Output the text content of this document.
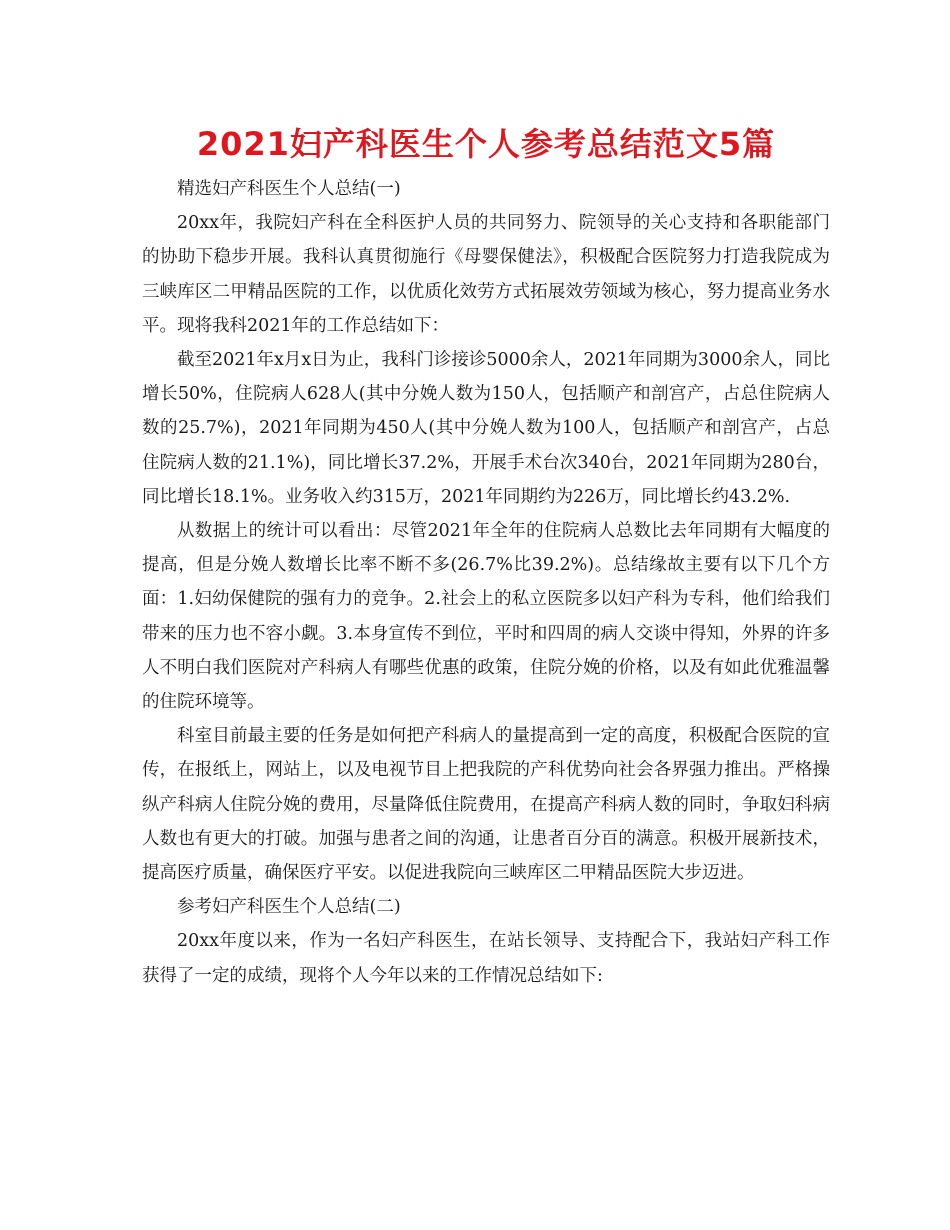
2021妇产科医生个人参考总结范文5篇

精选妇产科医生个人总结(一)

20xx年，我院妇产科在全科医护人员的共同努力、院领导的关心支持和各职能部门的协助下稳步开展。我科认真贯彻施行《母婴保健法》，积极配合医院努力打造我院成为三峡库区二甲精品医院的工作，以优质化效劳方式拓展效劳领域为核心，努力提高业务水平。现将我科2021年的工作总结如下：

截至2021年x月x日为止，我科门诊接诊5000余人，2021年同期为3000余人，同比增长50%，住院病人628人(其中分娩人数为150人，包括顺产和剖宫产，占总住院病人数的25.7%)，2021年同期为450人(其中分娩人数为100人，包括顺产和剖宫产，占总住院病人数的21.1%)，同比增长37.2%，开展手术台次340台，2021年同期为280台，同比增长18.1%。业务收入约315万，2021年同期约为226万，同比增长约43.2%.

从数据上的统计可以看出：尽管2021年全年的住院病人总数比去年同期有大幅度的提高，但是分娩人数增长比率不断不多(26.7%比39.2%)。总结缘故主要有以下几个方面：1.妇幼保健院的强有力的竞争。2.社会上的私立医院多以妇产科为专科，他们给我们带来的压力也不容小觑。3.本身宣传不到位，平时和四周的病人交谈中得知，外界的许多人不明白我们医院对产科病人有哪些优惠的政策，住院分娩的价格，以及有如此优雅温馨的住院环境等。

科室目前最主要的任务是如何把产科病人的量提高到一定的高度，积极配合医院的宣传，在报纸上，网站上，以及电视节目上把我院的产科优势向社会各界强力推出。严格操纵产科病人住院分娩的费用，尽量降低住院费用，在提高产科病人数的同时，争取妇科病人数也有更大的打破。加强与患者之间的沟通，让患者百分百的满意。积极开展新技术，提高医疗质量，确保医疗平安。以促进我院向三峡库区二甲精品医院大步迈进。

参考妇产科医生个人总结(二)

20xx年度以来，作为一名妇产科医生，在站长领导、支持配合下，我站妇产科工作获得了一定的成绩，现将个人今年以来的工作情况总结如下:
